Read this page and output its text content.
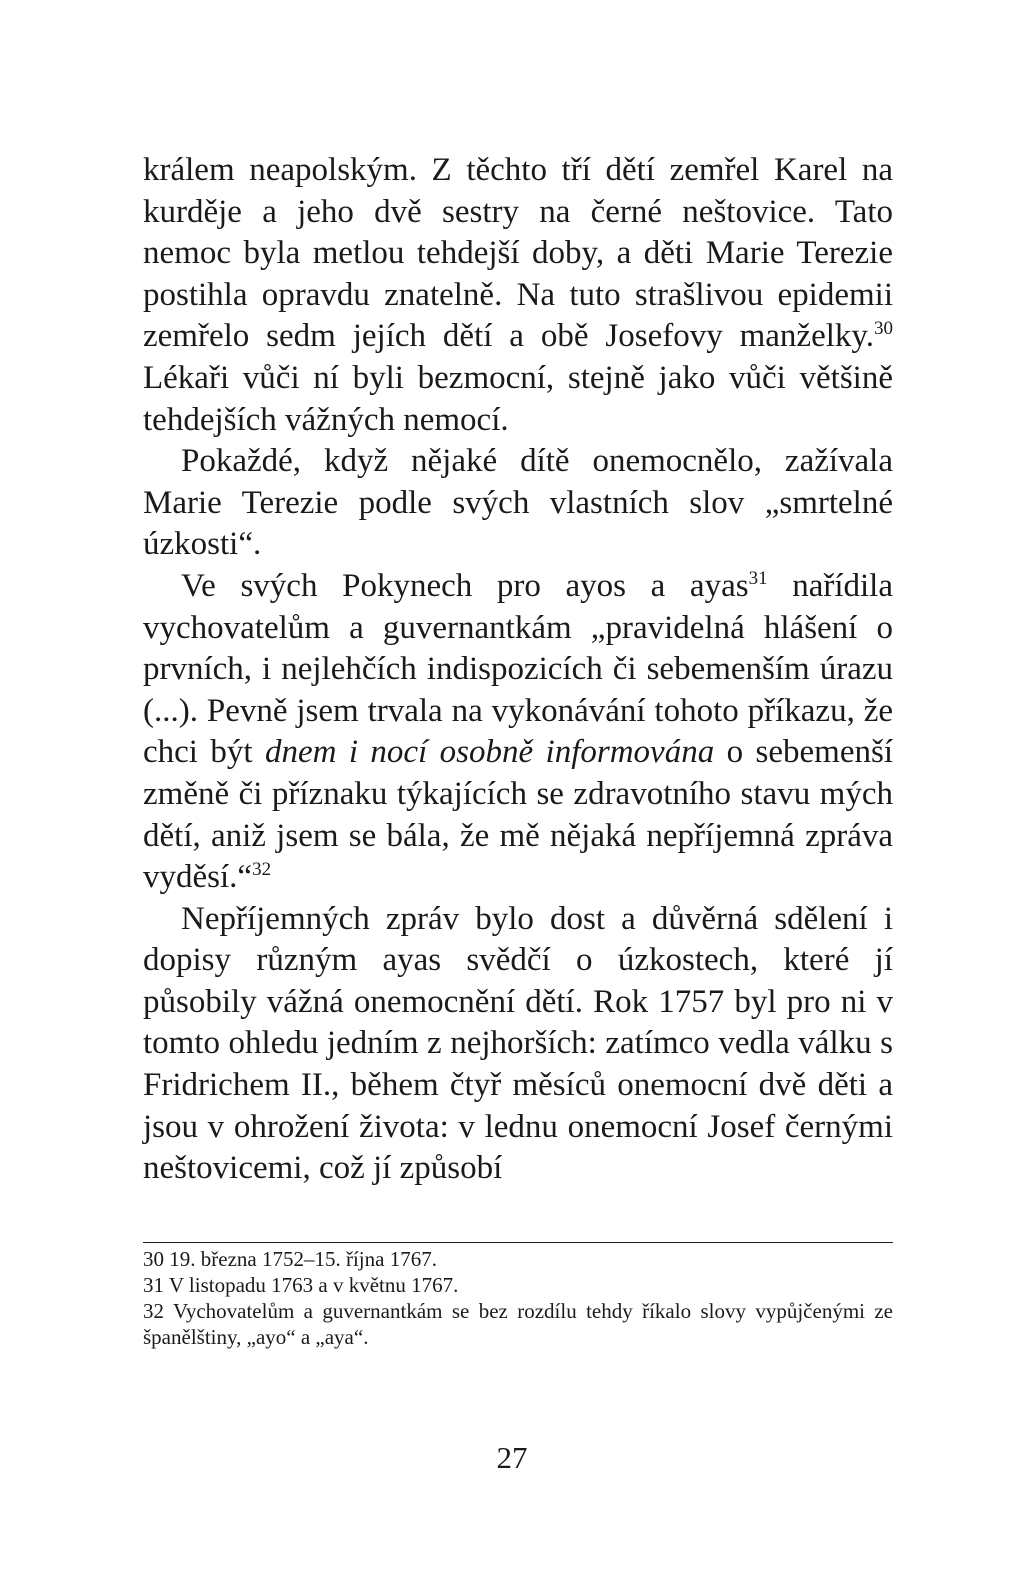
králem neapolským. Z těchto tří dětí zemřel Karel na kurděje a jeho dvě sestry na černé neštovice. Tato nemoc byla metlou tehdejší doby, a děti Marie Terezie postihla opravdu znatelně. Na tuto strašlivou epidemii zemřelo sedm jejích dětí a obě Josefovy manželky.$^{30}$ Lékaři vůči ní byli bezmocní, stejně jako vůči většině tehdejších vážných nemocí.

Pokaždé, když nějaké dítě onemocnělo, zažívala Marie Terezie podle svých vlastních slov „smrtelné úzkosti“.

Ve svých Pokynech pro ayos a ayas$^{31}$ nařídila vychovatelům a guvernantkám „pravidelná hlášení o prvních, i nejlehčích indispozicích či sebemenším úrazu (...). Pevně jsem trvala na vykonávání tohoto příkazu, že chci být dnem i nocí osobně informována o sebemenší změně či příznaku týkajících se zdravotního stavu mých dětí, aniž jsem se bála, že mě nějaká nepříjemná zpráva vyděsí.“$^{32}$

Nepříjemných zpráv bylo dost a důvěrná sdělení i dopisy různým ayas svědčí o úzkostech, které jí působily vážná onemocnění dětí. Rok 1757 byl pro ni v tomto ohledu jedním z nejhorších: zatímco vedla válku s Fridrichem II., během čtyř měsíců onemocní dvě děti a jsou v ohrožení života: v lednu onemocní Josef černými neštovicemi, což jí způsobí

30 19. března 1752–15. října 1767.

31 V listopadu 1763 a v květnu 1767.

32 Vychovatelům a guvernantkám se bez rozdílu tehdy říkalo slovy vypůjčenými ze španělštiny, „ayo“ a „aya“.

27
